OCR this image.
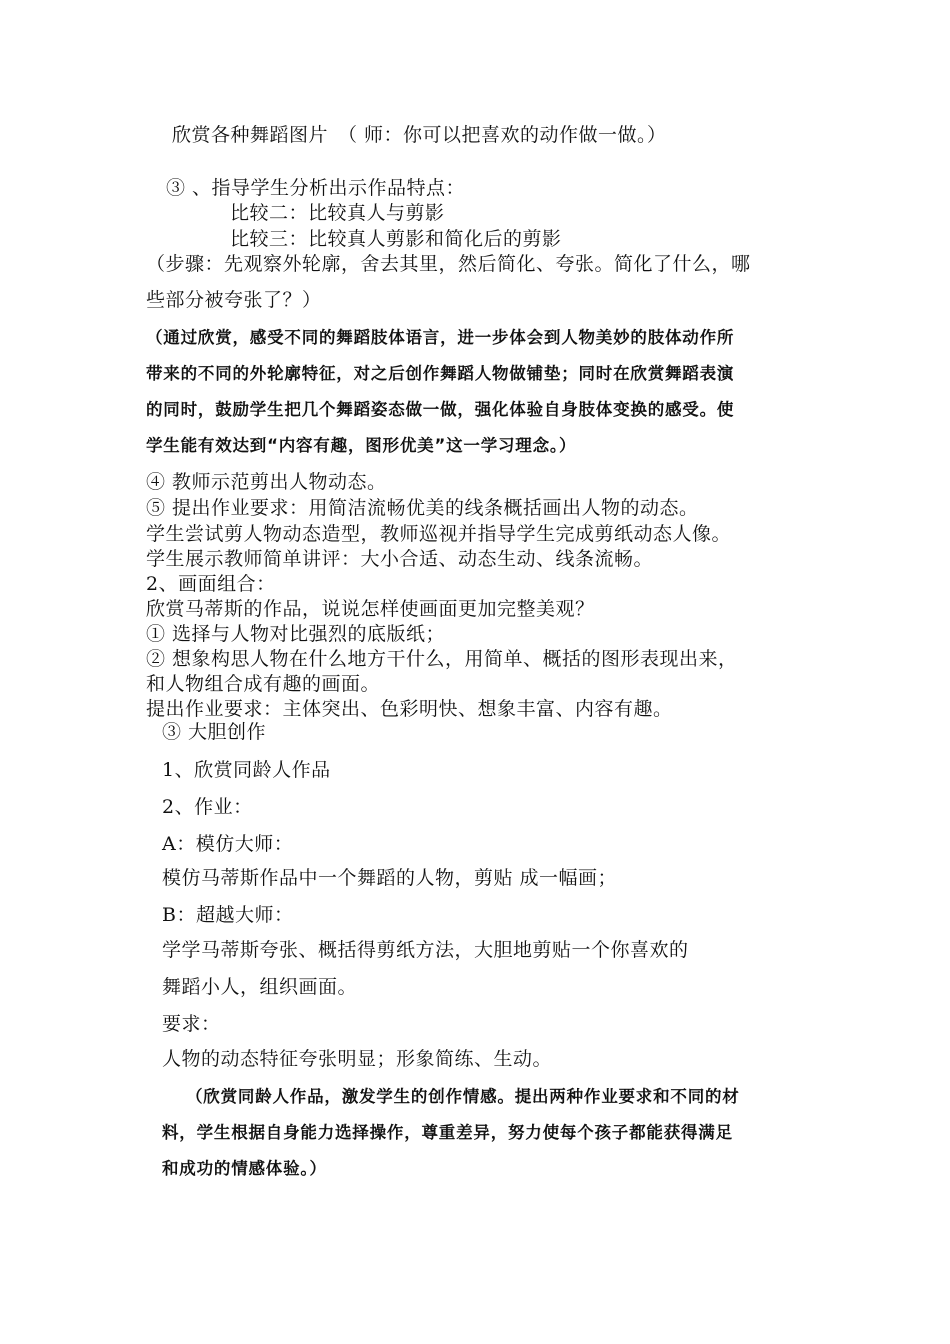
欣赏各种舞蹈图片　（ 师：你可以把喜欢的动作做一做。）
③ 、指导学生分析出示作品特点：
比较二：比较真人与剪影
比较三：比较真人剪影和简化后的剪影
（步骤：先观察外轮廓，舍去其里，然后简化、夸张。简化了什么，哪
些部分被夸张了？）
（通过欣赏，感受不同的舞蹈肢体语言，进一步体会到人物美妙的肢体动作所
带来的不同的外轮廓特征，对之后创作舞蹈人物做铺垫；同时在欣赏舞蹈表演
的同时，鼓励学生把几个舞蹈姿态做一做，强化体验自身肢体变换的感受。使
学生能有效达到“内容有趣，图形优美”这一学习理念。）
④ 教师示范剪出人物动态。
⑤ 提出作业要求：用简洁流畅优美的线条概括画出人物的动态。
学生尝试剪人物动态造型，教师巡视并指导学生完成剪纸动态人像。
学生展示教师简单讲评：大小合适、动态生动、线条流畅。
2、画面组合：
欣赏马蒂斯的作品，说说怎样使画面更加完整美观？
① 选择与人物对比强烈的底版纸；
② 想象构思人物在什么地方干什么，用简单、概括的图形表现出来，
和人物组合成有趣的画面。
提出作业要求：主体突出、色彩明快、想象丰富、内容有趣。
③ 大胆创作
1、欣赏同龄人作品
2、作业：
A：模仿大师：
模仿马蒂斯作品中一个舞蹈的人物，剪贴 成一幅画；
B：超越大师：
学学马蒂斯夸张、概括得剪纸方法，大胆地剪贴一个你喜欢的
舞蹈小人，组织画面。
要求：
人物的动态特征夸张明显；形象简练、生动。
（欣赏同龄人作品，激发学生的创作情感。提出两种作业要求和不同的材
料，学生根据自身能力选择操作，尊重差异，努力使每个孩子都能获得满足
和成功的情感体验。）
